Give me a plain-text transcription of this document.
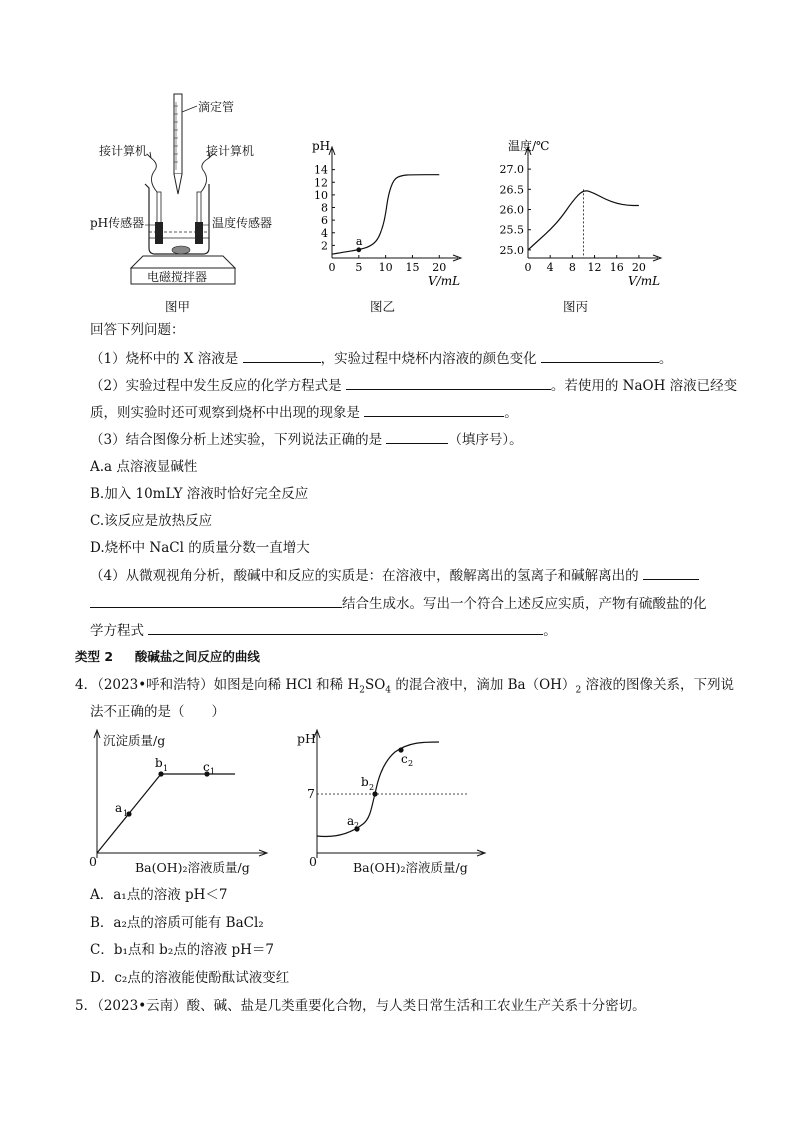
滴定管
接计算机	接计算机
pH传感器	温度传感器
电磁搅拌器
图甲
0 5 10 15 20
2
4
6
8
10
12
14
a
pH
V/mL
图乙
0 4 8 12 16 20
25.0
25.5
26.0
26.5
27.0
温度/℃
V/mL
图丙
回答下列问题：
（1）烧杯中的 X 溶液是	，实验过程中烧杯内溶液的颜色变化	。
（2）实验过程中发生反应的化学方程式是	。若使用的 NaOH 溶液已经变
质，则实验时还可观察到烧杯中出现的现象是	。
（3）结合图像分析上述实验，下列说法正确的是	（填序号）。
A.a 点溶液显碱性
B.加入 10mLY 溶液时恰好完全反应
C.该反应是放热反应
D.烧杯中 NaCl 的质量分数一直增大
（4）从微观视角分析，酸碱中和反应的实质是：在溶液中，酸解离出的氢离子和碱解离出的
结合生成水。写出一个符合上述反应实质，产物有硫酸盐的化
学方程式	。
类型 2 酸碱盐之间反应的曲线
4．（2023•呼和浩特）如图是向稀 HCl 和稀 $H_2SO_4$ 的混合液中，滴加 $Ba(OH)_2$ 溶液的图像关系，下列说
法不正确的是（　　）
a 1
b 1	c 1
沉淀质量/g
0	Ba(OH)₂溶液质量/g
a 2
b 2
c 2
pH
7
0	Ba(OH)₂溶液质量/g
A．a₁点的溶液 pH＜7
B．a₂点的溶质可能有 BaCl₂
C．b₁点和 b₂点的溶液 pH＝7
D．c₂点的溶液能使酚酞试液变红
5．（2023•云南）酸、碱、盐是几类重要化合物，与人类日常生活和工农业生产关系十分密切。
